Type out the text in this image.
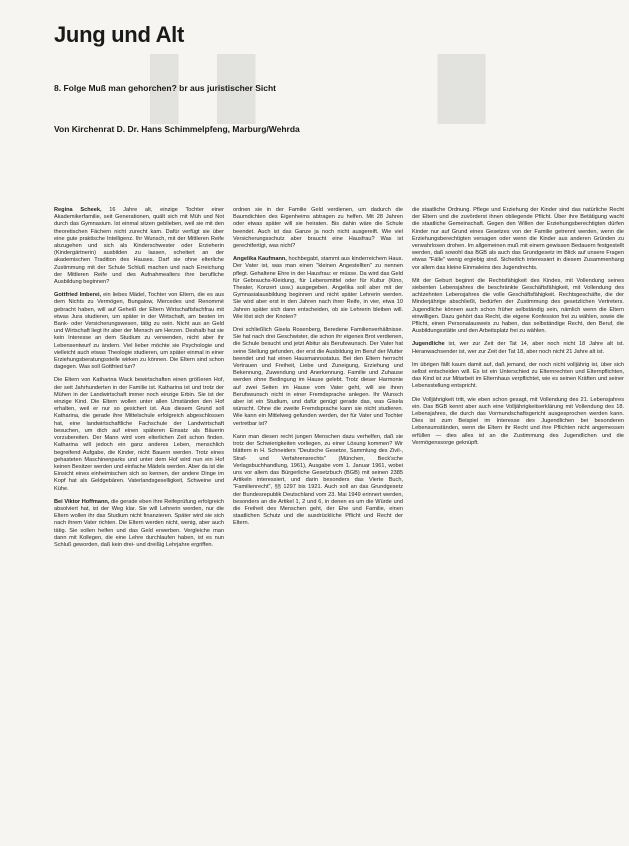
Jung und Alt
8. Folge Muß man gehorchen? br aus juristischer Sicht
Von Kirchenrat D. Dr. Hans Schimmelpfeng, Marburg/Wehrda

Regina Scheek, 16 Jahre alt, einzige Tochter einer Akademikerfamilie, seit Generationen, quält sich mit Müh und Not durch das Gymnasium. Ist einmal sitzen geblieben, weil sie mit den theoretischen Fächern nicht zurecht kam. Dafür verfügt sie über eine gute praktische Intelligenz. Ihr Wunsch, mit der Mittleren Reife abzugehen und sich als Kinderschwester oder Erzieherin (Kindergärtnerin) ausbilden zu lassen, scheitert an der akademischen Tradition des Hauses. Darf sie ohne elterliche Zustimmung mit der Schule Schluß machen und nach Erreichung der Mittleren Reife und des Aufnahmealters ihre berufliche Ausbildung beginnen?

Gottfried Imberei, ein liebes Mädel, Tochter von Eltern, die es aus dem Nichts zu Vermögen, Bungalow, Mercedes und Renommé gebracht haben, will auf Geheiß der Eltern Wirtschaftsfachfrau mit etwas Jura studieren, um später in der Wirtschaft, am besten im Bank- oder Versicherungswesen, tätig zu sein. Nicht aus an Geld und Wirtschaft liegt ihr aber der Mensch am Herzen. Deshalb hat sie kein Interesse an dem Studium zu verwenden, nicht aber ihr Lebensentwurf zu ändern. Viel lieber möchte sie Psychologie und vielleicht auch etwas Theologie studieren, um später einmal in einer Erziehungsberatungsstelle wirken zu können. Die Eltern sind schon dagegen. Was soll Gottfried tun?

Die Eltern von Katharina Wack bewirtschaften einen größeren Hof, der seit Jahrhunderten in der Familie ist. Katharina ist und trotz der Mühen in der Landwirtschaft immer noch einzige Erbin. Sie ist der einzige Kind. Die Eltern wollen unter allen Umständen den Hof erhalten, weil er nur so gesichert ist. Aus diesem Grund soll Katharina, die gerade ihre Mittelschule erfolgreich abgeschlossen hat, eine landwirtschaftliche Fachschule der Landwirtschaft besuchen, um dich auf einen späteren Einsatz als Bäuerin vorzubereiten. Der Mann wird vom elterlichen Zeit schon finden. Katharina will jedoch ein ganz anderes Leben, menschlich begreifend Aufgabe, die Kinder, nicht Bauern werden. Trotz eines gehasteten Maschinenparks und unter dem Hof wird nun ein Hof keinen Besitzer werden und einfache Mädels werden. Aber da ist die Einsicht eines einheimischen sich so kennen, der andere Dinge im Kopf hat als Geldgebären. Vaterlandsgeselligkeit, Schweine und Kühe.

Bei Viktor Hoffmann, die gerade eben ihre Reifeprüfung erfolgreich absolviert hat, ist der Weg klar. Sie will Lehrerin werden, nur die Eltern wollen ihr das Studium nicht finanzieren. Später wird sie sich nach ihrem Vater richten. Die Eltern werden nicht, wenig, aber auch tätig. Sie sollen helfen und das Geld erwerben. Vergleiche man dann mit Kollegen, die eine Lehre durchlaufen haben, ist es nun Schluß geworden, daß kein drei- und dreißig Lehrjahre ergriffen.

ordnen sie in der Familie Geld verdienen, um dadurch die Baumdichten des Eigenheims abtragen zu helfen. Mit 28 Jahren oder etwas später will sie heiraten. Bis dahin wäre die Schule beendet. Auch ist das Ganze ja noch nicht ausgereift. Wie viel Versicherungsschutz aber braucht eine Hausfrau? Was ist gerechtfertigt, was nicht?

Angelika Kaufmann, hochbegabt, stammt aus kinderreichem Haus. Der Vater ist, was man einen "kleinen Angestellten" zu nennen pflegt. Gehaltene Ehre in der Hausfrau: er müsse. Da wird das Geld für Gebrauchs-Kleidung, für Lebensmittel oder für Kultur (Kino, Theater, Konzert usw.) ausgegeben. Angelika soll aber mit der Gymnasialausbildung beginnen und nicht später Lehrerin werden. Sie wird aber erst in den Jahren nach ihrer Reife, in vier, etwa 10 Jahren später sich dann entscheiden, ob sie Lehrerin bleiben will. Wie löst sich der Knoten?

Drei schließlich Gisela Rosenberg, Beredene Familienverhältnisse. Sie hat nach drei Geschwister, die schon ihr eigenes Brot verdienen, die Schule besucht und jetzt Abitur als Berufswunsch. Der Vater hat seine Stellung gefunden, der erst die Ausbildung im Beruf der Mutter beendet und hat einen Hausmannsstatus. Bei den Eltern herrscht Vertrauen und Freiheit, Liebe und Zuneigung, Erziehung und Bekennung, Zuwendung und Anerkennung. Familie und Zuhause werden ohne Bedingung im Hause gelebt. Trotz dieser Harmonie auf zwei Seiten im Hause vom Vater geht, will sie ihren Berufswunsch nicht in einer Fremdsprache anlegen. Ihr Wunsch aber ist ein Studium, und dafür genügt gerade das, was Gisela wünscht. Ohne die zweite Fremdsprache kann sie nicht studieren. Wie kann ein Mittelweg gefunden werden, der für Vater und Tochter vertretbar ist?

Kann man diesen recht jungen Menschen dazu verhelfen, daß sie trotz der Schwierigkeiten vorliegen, zu einer Lösung kommen? Wir blättern in H. Schneiders "Deutsche Gesetze, Sammlung des Zivil-, Straf- und Verfahrensrechts" (München, Beck'sche Verlagsbuchhandlung, 1961), Ausgabe vom 1. Januar 1961, wobei uns vor allem das Bürgerliche Gesetzbuch (BGB) mit seinen 2385 Artikeln interessiert, und darin besonders das Vierte Buch, "Familienrecht", §§ 1297 bis 1921. Auch soll an das Grundgesetz der Bundesrepublik Deutschland vom 23. Mai 1949 erinnert werden, besonders an die Artikel 1, 2 und 6, in denen es um die Würde und die Freiheit des Menschen geht, der Ehe und Familie, einen staatlichen Schutz und die ausdrückliche Pflicht und Recht der Eltern.

die staatliche Ordnung. Pflege und Erziehung der Kinder sind das natürliche Recht der Eltern und die zuvörderst ihnen obliegende Pflicht. Über ihre Betätigung wacht die staatliche Gemeinschaft. Gegen den Willen der Erziehungsberechtigten dürfen Kinder nur auf Grund eines Gesetzes von der Familie getrennt werden, wenn die Erziehungsberechtigten versagen oder wenn die Kinder aus anderen Gründen zu verwahrlosen drohen. Im allgemeinen muß mit einem gewissen Bedauern festgestellt werden, daß sowohl das BGB als auch das Grundgesetz im Blick auf unsere Fragen etwas "Fälle" wenig ergiebig sind. Sicherlich interessiert in diesem Zusammenhang vor allem das kleine Einmaleins des Jugendrechts.

Mit der Geburt beginnt die Rechtsfähigkeit des Kindes, mit Vollendung seines siebenten Lebensjahres die beschränkte Geschäftsfähigkeit, mit Vollendung des achtzehnten Lebensjahres die volle Geschäftsfähigkeit. Rechtsgeschäfte, die der Minderjährige abschließt, bedürfen der Zustimmung des gesetzlichen Vertreters. Jugendliche können auch schon früher selbständig sein, nämlich wenn die Eltern einwilligen. Dazu gehört das Recht, die eigene Konfession frei zu wählen, sowie die Pflicht, einen Personalausweis zu haben, das selbständige Recht, den Beruf, die Ausbildungsstätte und den Arbeitsplatz frei zu wählen.

Jugendliche ist, wer zur Zeit der Tat 14, aber noch nicht 18 Jahre alt ist. Heranwachsender ist, wer zur Zeit der Tat 18, aber noch nicht 21 Jahre alt ist.

Im übrigen fällt kaum damit auf, daß jemand, der noch nicht volljährig ist, über sich selbst entscheiden will. Es ist ein Unterschied zu Elternrechten und Elternpflichten, das Kind ist zur Mitarbeit im Elternhaus verpflichtet, wie es seinen Kräften und seiner Lebensstellung entspricht.

Die Volljährigkeit tritt, wie eben schon gesagt, mit Vollendung des 21. Lebensjahres ein. Das BGB kennt aber auch eine Volljährigkeitserklärung mit Vollendung des 18. Lebensjahres, die durch das Vormundschaftsgericht ausgesprochen werden kann. Dies ist zum Beispiel im Interesse des Jugendlichen bei besonderen Lebensumständen, wenn die Eltern ihr Recht und ihre Pflichten nicht angemessen erfüllen — dies alles ist an die Zustimmung des Jugendlichen und die Vermögenssorge geknüpft.
